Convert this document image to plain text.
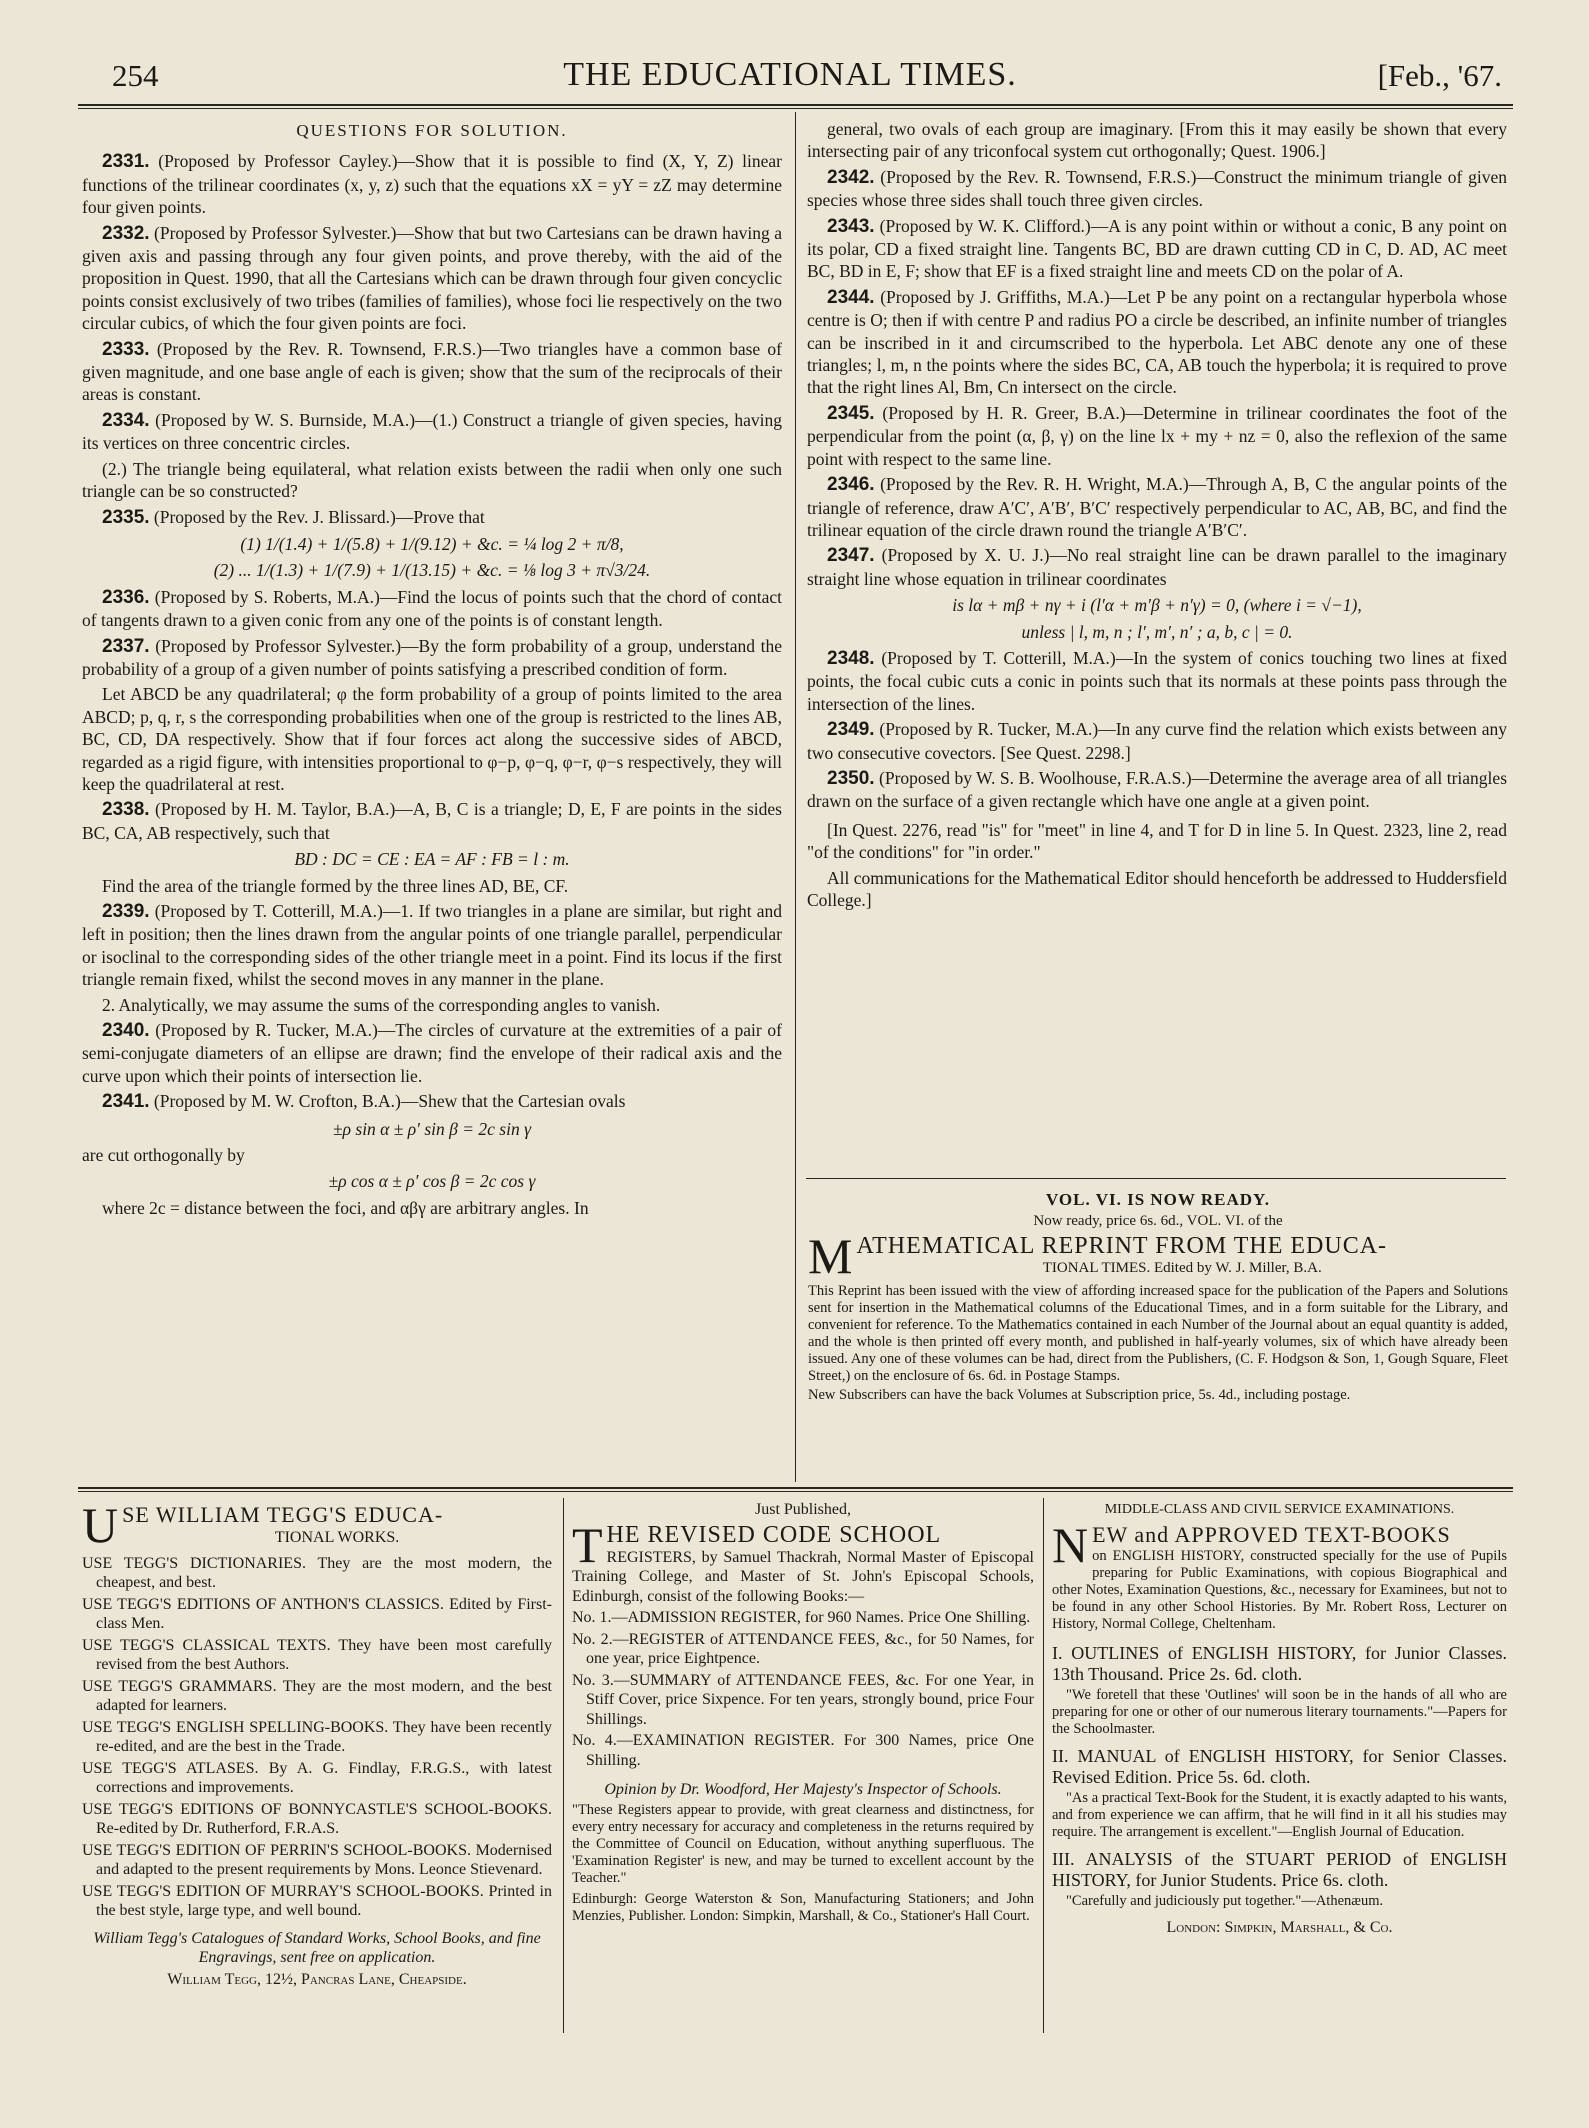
254	THE EDUCATIONAL TIMES.	[Feb., '67.
QUESTIONS FOR SOLUTION.

2331. (Proposed by Professor Cayley.)—Show that it is possible to find (X, Y, Z) linear functions of the trilinear coordinates (x, y, z) such that the equations xX = yY = zZ may determine four given points.

2332. (Proposed by Professor Sylvester.)—Show that but two Cartesians can be drawn having a given axis and passing through any four given points, and prove thereby, with the aid of the proposition in Quest. 1990, that all the Cartesians which can be drawn through four given concyclic points consist exclusively of two tribes (families of families), whose foci lie respectively on the two circular cubics, of which the four given points are foci.

2333. (Proposed by the Rev. R. Townsend, F.R.S.)—Two triangles have a common base of given magnitude, and one base angle of each is given; show that the sum of the reciprocals of their areas is constant.

2334. (Proposed by W. S. Burnside, M.A.)—(1.) Construct a triangle of given species, having its vertices on three concentric circles.

(2.) The triangle being equilateral, what relation exists between the radii when only one such triangle can be so constructed?

2335. (Proposed by the Rev. J. Blissard.)—Prove that

(1) 1/(1.4) + 1/(5.8) + 1/(9.12) + &c. = ¼ log 2 + π/8,
(2) ... 1/(1.3) + 1/(7.9) + 1/(13.15) + &c. = ⅛ log 3 + π√3/24.

2336. (Proposed by S. Roberts, M.A.)—Find the locus of points such that the chord of contact of tangents drawn to a given conic from any one of the points is of constant length.

2337. (Proposed by Professor Sylvester.)—By the form probability of a group, understand the probability of a group of a given number of points satisfying a prescribed condition of form.

Let ABCD be any quadrilateral; φ the form probability of a group of points limited to the area ABCD; p, q, r, s the corresponding probabilities when one of the group is restricted to the lines AB, BC, CD, DA respectively. Show that if four forces act along the successive sides of ABCD, regarded as a rigid figure, with intensities proportional to φ−p, φ−q, φ−r, φ−s respectively, they will keep the quadrilateral at rest.

2338. (Proposed by H. M. Taylor, B.A.)—A, B, C is a triangle; D, E, F are points in the sides BC, CA, AB respectively, such that

BD : DC = CE : EA = AF : FB = l : m.

Find the area of the triangle formed by the three lines AD, BE, CF.

2339. (Proposed by T. Cotterill, M.A.)—1. If two triangles in a plane are similar, but right and left in position; then the lines drawn from the angular points of one triangle parallel, perpendicular or isoclinal to the corresponding sides of the other triangle meet in a point. Find its locus if the first triangle remain fixed, whilst the second moves in any manner in the plane.

2. Analytically, we may assume the sums of the corresponding angles to vanish.

2340. (Proposed by R. Tucker, M.A.)—The circles of curvature at the extremities of a pair of semi-conjugate diameters of an ellipse are drawn; find the envelope of their radical axis and the curve upon which their points of intersection lie.

2341. (Proposed by M. W. Crofton, B.A.)—Shew that the Cartesian ovals

±ρ sin α ± ρ′ sin β = 2c sin γ
are cut orthogonally by
±ρ cos α ± ρ′ cos β = 2c cos γ

where 2c = distance between the foci, and αβγ are arbitrary angles. In

general, two ovals of each group are imaginary. [From this it may easily be shown that every intersecting pair of any triconfocal system cut orthogonally; Quest. 1906.]

2342. (Proposed by the Rev. R. Townsend, F.R.S.)—Construct the minimum triangle of given species whose three sides shall touch three given circles.

2343. (Proposed by W. K. Clifford.)—A is any point within or without a conic, B any point on its polar, CD a fixed straight line. Tangents BC, BD are drawn cutting CD in C, D. AD, AC meet BC, BD in E, F; show that EF is a fixed straight line and meets CD on the polar of A.

2344. (Proposed by J. Griffiths, M.A.)—Let P be any point on a rectangular hyperbola whose centre is O; then if with centre P and radius PO a circle be described, an infinite number of triangles can be inscribed in it and circumscribed to the hyperbola. Let ABC denote any one of these triangles; l, m, n the points where the sides BC, CA, AB touch the hyperbola; it is required to prove that the right lines Al, Bm, Cn intersect on the circle.

2345. (Proposed by H. R. Greer, B.A.)—Determine in trilinear coordinates the foot of the perpendicular from the point (α, β, γ) on the line lx + my + nz = 0, also the reflexion of the same point with respect to the same line.

2346. (Proposed by the Rev. R. H. Wright, M.A.)—Through A, B, C the angular points of the triangle of reference, draw A′C′, A′B′, B′C′ respectively perpendicular to AC, AB, BC, and find the trilinear equation of the circle drawn round the triangle A′B′C′.

2347. (Proposed by X. U. J.)—No real straight line can be drawn parallel to the imaginary straight line whose equation in trilinear coordinates

is lα + mβ + nγ + i (l′α + m′β + n′γ) = 0, (where i = √−1),
unless | l, m, n ; l′, m′, n′ ; a, b, c | = 0.

2348. (Proposed by T. Cotterill, M.A.)—In the system of conics touching two lines at fixed points, the focal cubic cuts a conic in points such that its normals at these points pass through the intersection of the lines.

2349. (Proposed by R. Tucker, M.A.)—In any curve find the relation which exists between any two consecutive covectors. [See Quest. 2298.]

2350. (Proposed by W. S. B. Woolhouse, F.R.A.S.)—Determine the average area of all triangles drawn on the surface of a given rectangle which have one angle at a given point.

[In Quest. 2276, read "is" for "meet" in line 4, and T for D in line 5. In Quest. 2323, line 2, read "of the conditions" for "in order."

All communications for the Mathematical Editor should henceforth be addressed to Huddersfield College.]

VOL. VI. IS NOW READY.

Now ready, price 6s. 6d., VOL. VI. of the

M ATHEMATICAL REPRINT FROM THE EDUCA-
TIONAL TIMES. Edited by W. J. Miller, B.A.

This Reprint has been issued with the view of affording increased space for the publication of the Papers and Solutions sent for insertion in the Mathematical columns of the Educational Times, and in a form suitable for the Library, and convenient for reference. To the Mathematics contained in each Number of the Journal about an equal quantity is added, and the whole is then printed off every month, and published in half-yearly volumes, six of which have already been issued. Any one of these volumes can be had, direct from the Publishers, (C. F. Hodgson & Son, 1, Gough Square, Fleet Street,) on the enclosure of 6s. 6d. in Postage Stamps.

New Subscribers can have the back Volumes at Subscription price, 5s. 4d., including postage.

U SE WILLIAM TEGG'S EDUCA-
TIONAL WORKS.

USE TEGG'S DICTIONARIES. They are the most modern, the cheapest, and best.

USE TEGG'S EDITIONS OF ANTHON'S CLASSICS. Edited by First-class Men.

USE TEGG'S CLASSICAL TEXTS. They have been most carefully revised from the best Authors.

USE TEGG'S GRAMMARS. They are the most modern, and the best adapted for learners.

USE TEGG'S ENGLISH SPELLING-BOOKS. They have been recently re-edited, and are the best in the Trade.

USE TEGG'S ATLASES. By A. G. Findlay, F.R.G.S., with latest corrections and improvements.

USE TEGG'S EDITIONS OF BONNYCASTLE'S SCHOOL-BOOKS. Re-edited by Dr. Rutherford, F.R.A.S.

USE TEGG'S EDITION OF PERRIN'S SCHOOL-BOOKS. Modernised and adapted to the present requirements by Mons. Leonce Stievenard.

USE TEGG'S EDITION OF MURRAY'S SCHOOL-BOOKS. Printed in the best style, large type, and well bound.

William Tegg's Catalogues of Standard Works, School Books, and fine Engravings, sent free on application.

William Tegg, 12½, Pancras Lane, Cheapside.

Just Published,

T HE REVISED CODE SCHOOL

REGISTERS, by Samuel Thackrah, Normal Master of Episcopal Training College, and Master of St. John's Episcopal Schools, Edinburgh, consist of the following Books:—

No. 1.—ADMISSION REGISTER, for 960 Names. Price One Shilling.

No. 2.—REGISTER of ATTENDANCE FEES, &c., for 50 Names, for one year, price Eightpence.

No. 3.—SUMMARY of ATTENDANCE FEES, &c. For one Year, in Stiff Cover, price Sixpence. For ten years, strongly bound, price Four Shillings.

No. 4.—EXAMINATION REGISTER. For 300 Names, price One Shilling.

Opinion by Dr. Woodford, Her Majesty's Inspector of Schools.

"These Registers appear to provide, with great clearness and distinctness, for every entry necessary for accuracy and completeness in the returns required by the Committee of Council on Education, without anything superfluous. The 'Examination Register' is new, and may be turned to excellent account by the Teacher."

Edinburgh: George Waterston & Son, Manufacturing Stationers; and John Menzies, Publisher. London: Simpkin, Marshall, & Co., Stationer's Hall Court.

MIDDLE-CLASS AND CIVIL SERVICE EXAMINATIONS.

N EW and APPROVED TEXT-BOOKS

on ENGLISH HISTORY, constructed specially for the use of Pupils preparing for Public Examinations, with copious Biographical and other Notes, Examination Questions, &c., necessary for Examinees, but not to be found in any other School Histories. By Mr. Robert Ross, Lecturer on History, Normal College, Cheltenham.

I. OUTLINES of ENGLISH HISTORY, for Junior Classes. 13th Thousand. Price 2s. 6d. cloth.

"We foretell that these 'Outlines' will soon be in the hands of all who are preparing for one or other of our numerous literary tournaments."—Papers for the Schoolmaster.

II. MANUAL of ENGLISH HISTORY, for Senior Classes. Revised Edition. Price 5s. 6d. cloth.

"As a practical Text-Book for the Student, it is exactly adapted to his wants, and from experience we can affirm, that he will find in it all his studies may require. The arrangement is excellent."—English Journal of Education.

III. ANALYSIS of the STUART PERIOD of ENGLISH HISTORY, for Junior Students. Price 6s. cloth.

"Carefully and judiciously put together."—Athenæum.

London: Simpkin, Marshall, & Co.
